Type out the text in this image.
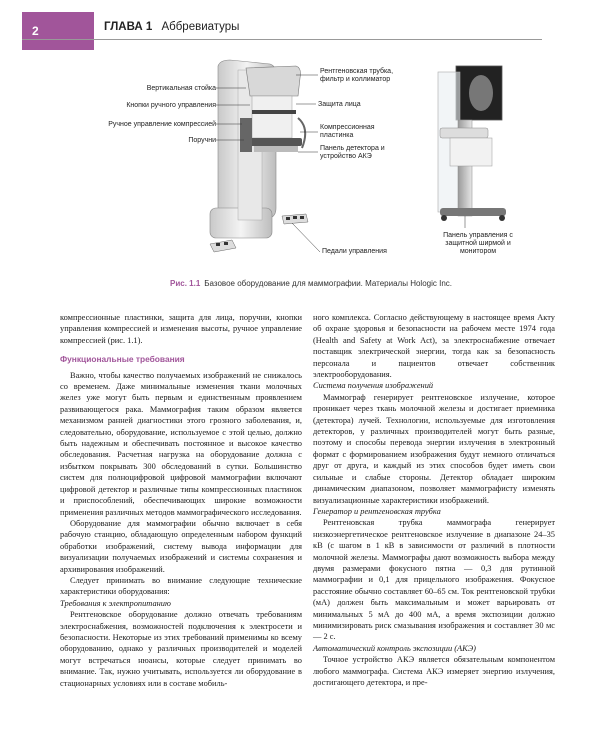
2	ГЛАВА 1 Аббревиатуры
Вертикальная стойка
Кнопки ручного управления
Ручное управление компрессией
Поручни
Рентгеновская трубка, фильтр и коллиматор
Защита лица
Компрессионная пластинка
Панель детектора и устройство АКЭ
Педали управления
Панель управления с защитной ширмой и монитором
Рис. 1.1 Базовое оборудование для маммографии. Материалы Hologic Inc.

компрессионные пластинки, защита для лица, поручни, кнопки управления компрессией и изменения высоты, ручное управление компрессией (рис. 1.1).

Функциональные требования

Важно, чтобы качество получаемых изображений не снижалось со временем. Даже минимальные изменения ткани молочных желез уже могут быть первым и единственным проявлением развивающегося рака. Маммография таким образом является механизмом ранней диагностики этого грозного заболевания, и, следовательно, оборудование, используемое с этой целью, должно быть надежным и обеспечивать постоянное и высокое качество обследования. Расчетная нагрузка на оборудование должна с избытком покрывать 300 обследований в сутки. Большинство систем для полноцифровой цифровой маммографии включают цифровой детектор и различные типы компрессионных пластинок и приспособлений, обеспечивающих широкие возможности применения различных методов маммографического исследования.

Оборудование для маммографии обычно включает в себя рабочую станцию, обладающую определенным набором функций обработки изображений, систему вывода информации для визуализации получаемых изображений и системы сохранения и архивирования изображений.

Следует принимать во внимание следующие технические характеристики оборудования:

Требования к электропитанию

Рентгеновское оборудование должно отвечать требованиям электроснабжения, возможностей подключения к электросети и безопасности. Некоторые из этих требований применимы ко всему оборудованию, однако у различных производителей и моделей могут встречаться нюансы, которые следует принимать во внимание. Так, нужно учитывать, используется ли оборудование в стационарных условиях или в составе мобиль-

ного комплекса. Согласно действующему в настоящее время Акту об охране здоровья и безопасности на рабочем месте 1974 года (Health and Safety at Work Act), за электроснабжение отвечает поставщик электрической энергии, тогда как за безопасность персонала и пациентов отвечает собственник электрооборудования.

Система получения изображений

Маммограф генерирует рентгеновское излучение, которое проникает через ткань молочной железы и достигает приемника (детектора) лучей. Технологии, используемые для изготовления детекторов, у различных производителей могут быть разные, поэтому и способы перевода энергии излучения в электронный формат с формированием изображения будут немного отличаться друг от друга, и каждый из этих способов будет иметь свои сильные и слабые стороны. Детектор обладает широким динамическим диапазоном, позволяет маммографисту изменять визуализационные характеристики изображений.

Генератор и рентгеновская трубка

Рентгеновская трубка маммографа генерирует низкоэнергетическое рентгеновское излучение в диапазоне 24–35 кВ (с шагом в 1 кВ в зависимости от различий в плотности молочной железы. Маммографы дают возможность выбора между двумя размерами фокусного пятна — 0,3 для рутинной маммографии и 0,1 для прицельного изображения. Фокусное расстояние обычно составляет 60–65 см. Ток рентгеновской трубки (мА) должен быть максимальным и может варьировать от минимальных 5 мА до 400 мА, а время экспозиции должно минимизировать риск смазывания изображения и составляет 30 мс — 2 с.

Автоматический контроль экспозиции (АКЭ)

Точное устройство АКЭ является обязательным компонентом любого маммографа. Система АКЭ измеряет энергию излучения, достигающего детектора, и пре-
